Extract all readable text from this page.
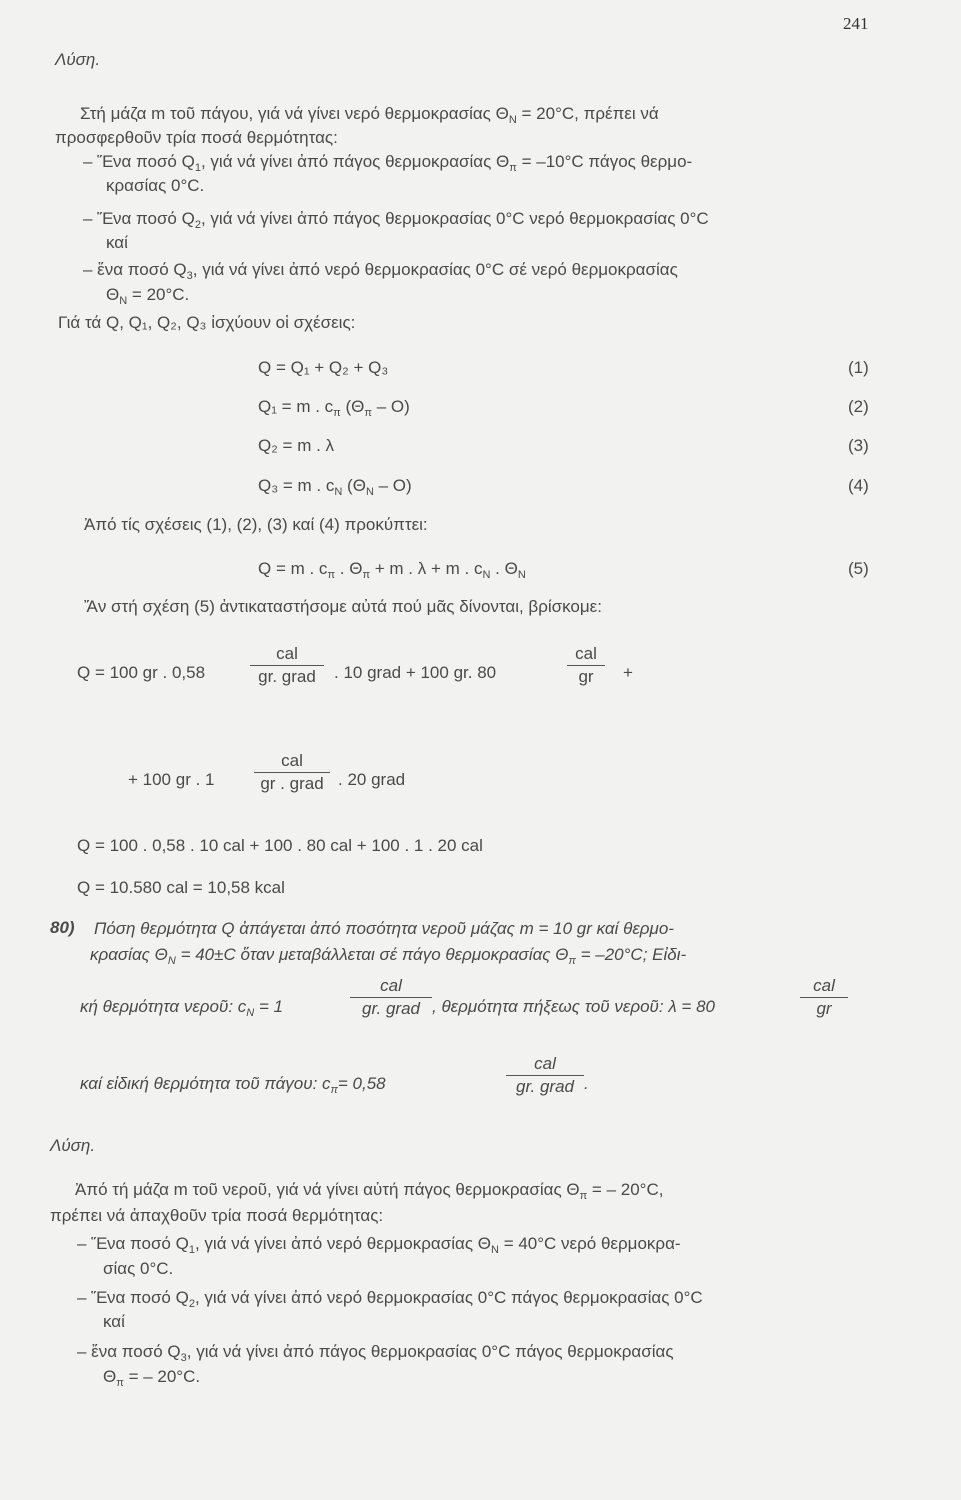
241
Λύση.
Στή μάζα m τοῦ πάγου, γιά νά γίνει νερό θερμοκρασίας $\Theta_N = 20^\circ C$, πρέπει νά
προσφερθοῦν τρία ποσά θερμότητας:
– Ἕνα ποσό $Q_1$, γιά νά γίνει ἀπό πάγος θερμοκρασίας $\Theta_\pi = -10^\circ C$ πάγος θερμο-
κρασίας 0°C.
– Ἕνα ποσό $Q_2$, γιά νά γίνει ἀπό πάγος θερμοκρασίας 0°C νερό θερμοκρασίας 0°C
καί
– ἕνα ποσό $Q_3$, γιά νά γίνει ἀπό νερό θερμοκρασίας 0°C σέ νερό θερμοκρασίας
$\Theta_N = 20^\circ C$.
Γιά τά Q, Q₁, Q₂, Q₃ ἰσχύουν οἱ σχέσεις:
Q = Q₁ + Q₂ + Q₃	(1)
Q₁ = m . $c_\pi$ $(\Theta_\pi - O)$	(2)
Q₂ = m . λ	(3)
Q₃ = m . $c_N$ $(\Theta_N - O)$	(4)
Ἀπό τίς σχέσεις (1), (2), (3) καί (4) προκύπτει:
Q = m . $c_\pi$ . $\Theta_\pi + m$ . λ + m . $c_N$ . $\Theta_N$	(5)
Ἄν στή σχέση (5) ἀντικαταστήσομε αὐτά πού μᾶς δίνονται, βρίσκομε:
Q = 100 gr . 0,58
cal
gr. grad	. 10 grad + 100 gr. 80
cal
gr	+
+ 100 gr . 1
cal
gr . grad . 20 grad
Q = 100 . 0,58 . 10 cal + 100 . 80 cal + 100 . 1 . 20 cal
Q = 10.580 cal = 10,58 kcal
80) Πόση θερμότητα Q ἀπάγεται ἀπό ποσότητα νεροῦ μάζας m = 10 gr καί θερμο-
κρασίας $\Theta_N = 40\pm C$ ὅταν μεταβάλλεται σέ πάγο θερμοκρασίας $\Theta_\pi = -20^\circ C$; Εἰδι-
κή θερμότητα νεροῦ: $c_N = 1$
cal
gr. grad , θερμότητα πήξεως τοῦ νεροῦ: λ = 80
cal
gr
καί εἰδική θερμότητα τοῦ πάγου: $c_\pi= 0,58$
cal
gr. grad .
Λύση.
Ἀπό τή μάζα m τοῦ νεροῦ, γιά νά γίνει αὐτή πάγος θερμοκρασίας $\Theta_\pi$ = – 20°C,
πρέπει νά ἀπαχθοῦν τρία ποσά θερμότητας:
– Ἕνα ποσό $Q_1$, γιά νά γίνει ἀπό νερό θερμοκρασίας $\Theta_N = 40^\circ C$ νερό θερμοκρα-
σίας 0°C.
– Ἕνα ποσό $Q_2$, γιά νά γίνει ἀπό νερό θερμοκρασίας 0°C πάγος θερμοκρασίας 0°C
καί
– ἕνα ποσό $Q_3$, γιά νά γίνει ἀπό πάγος θερμοκρασίας 0°C πάγος θερμοκρασίας
$\Theta_\pi$ = – 20°C.
